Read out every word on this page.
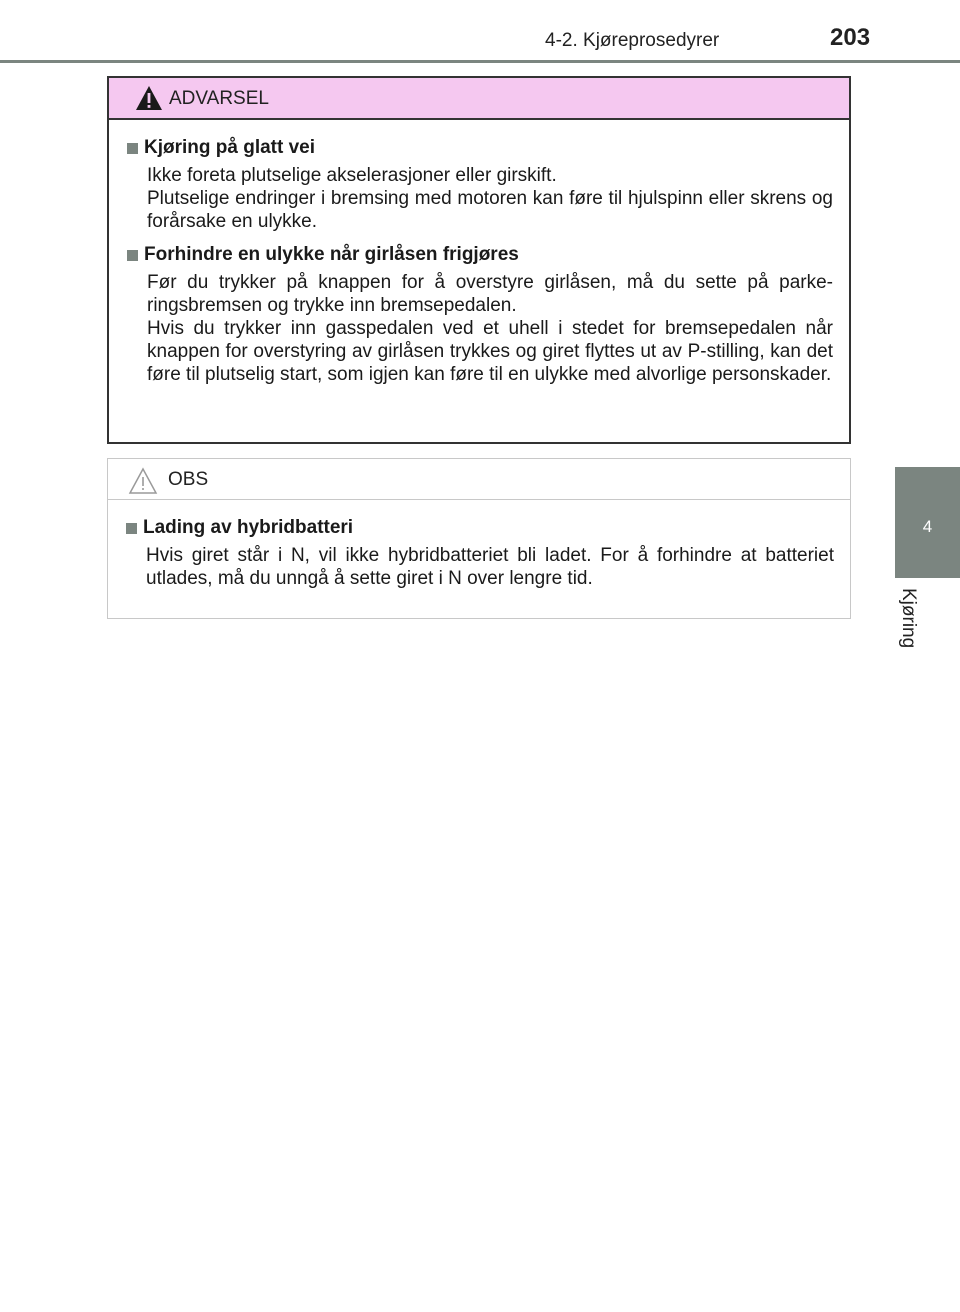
4-2. Kjøreprosedyrer	203
4
Kjøring
ADVARSEL
Kjøring på glatt vei

Ikke foreta plutselige akselerasjoner eller girskift.

Plutselige endringer i bremsing med motoren kan føre til hjulspinn eller skrens og forårsake en ulykke.

Forhindre en ulykke når girlåsen frigjøres

Før du trykker på knappen for å overstyre girlåsen, må du sette på parke-ringsbremsen og trykke inn bremsepedalen.

Hvis du trykker inn gasspedalen ved et uhell i stedet for bremsepedalen når knappen for overstyring av girlåsen trykkes og giret flyttes ut av P-stilling, kan det føre til plutselig start, som igjen kan føre til en ulykke med alvorlige personskader.

OBS
Lading av hybridbatteri

Hvis giret står i N, vil ikke hybridbatteriet bli ladet. For å forhindre at batteriet utlades, må du unngå å sette giret i N over lengre tid.
